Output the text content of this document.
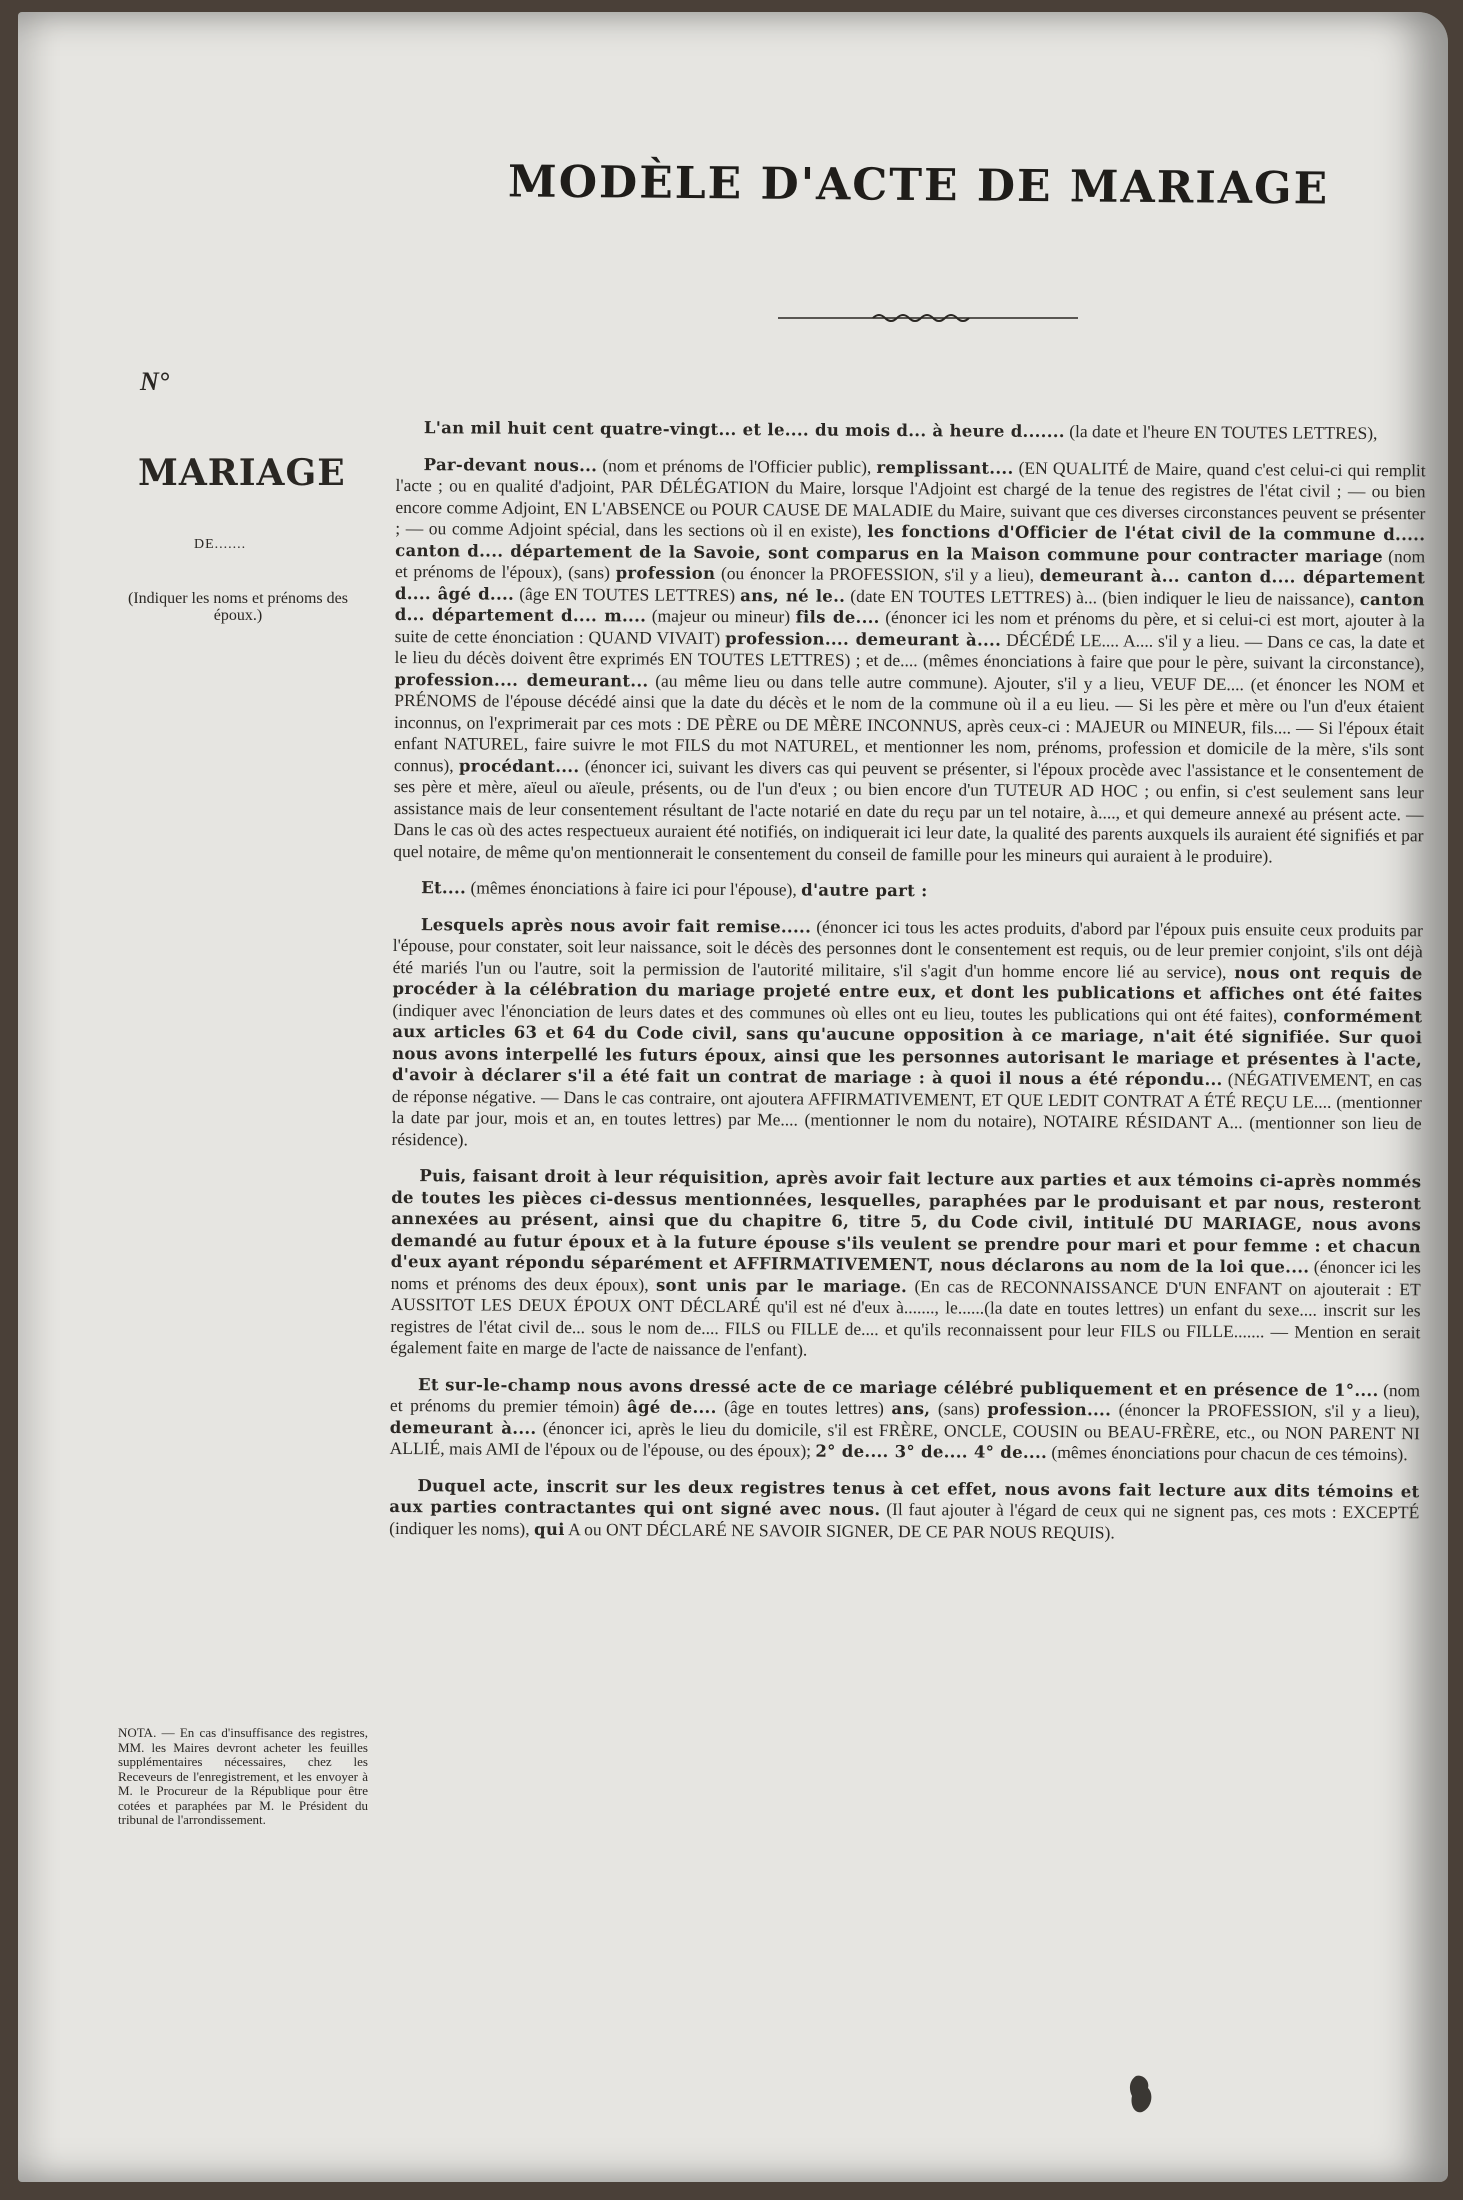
MODÈLE D'ACTE DE MARIAGE
N°
MARIAGE
DE.......
(Indiquer les noms et prénoms des époux.)
NOTA. — En cas d'insuffisance des registres, MM. les Maires devront acheter les feuilles supplémentaires nécessaires, chez les Receveurs de l'enregistrement, et les envoyer à M. le Procureur de la République pour être cotées et paraphées par M. le Président du tribunal de l'arrondissement.

L'an mil huit cent quatre-vingt... et le.... du mois d... à heure d....... (la date et l'heure EN TOUTES LETTRES),

Par-devant nous... (nom et prénoms de l'Officier public), remplissant.... (EN QUALITÉ de Maire, quand c'est celui-ci qui remplit l'acte ; ou en qualité d'adjoint, PAR DÉLÉGATION du Maire, lorsque l'Adjoint est chargé de la tenue des registres de l'état civil ; — ou bien encore comme Adjoint, EN L'ABSENCE ou POUR CAUSE DE MALADIE du Maire, suivant que ces diverses circonstances peuvent se présenter ; — ou comme Adjoint spécial, dans les sections où il en existe), les fonctions d'Officier de l'état civil de la commune d..... canton d.... département de la Savoie, sont comparus en la Maison commune pour contracter mariage (nom et prénoms de l'époux), (sans) profession (ou énoncer la PROFESSION, s'il y a lieu), demeurant à... canton d.... département d.... âgé d.... (âge EN TOUTES LETTRES) ans, né le.. (date EN TOUTES LETTRES) à... (bien indiquer le lieu de naissance), canton d... département d.... m.... (majeur ou mineur) fils de.... (énoncer ici les nom et prénoms du père, et si celui-ci est mort, ajouter à la suite de cette énonciation : QUAND VIVAIT) profession.... demeurant à.... DÉCÉDÉ LE.... A.... s'il y a lieu. — Dans ce cas, la date et le lieu du décès doivent être exprimés EN TOUTES LETTRES) ; et de.... (mêmes énonciations à faire que pour le père, suivant la circonstance), profession.... demeurant... (au même lieu ou dans telle autre commune). Ajouter, s'il y a lieu, VEUF DE.... (et énoncer les NOM et PRÉNOMS de l'épouse décédé ainsi que la date du décès et le nom de la commune où il a eu lieu. — Si les père et mère ou l'un d'eux étaient inconnus, on l'exprimerait par ces mots : DE PÈRE ou DE MÈRE INCONNUS, après ceux-ci : MAJEUR ou MINEUR, fils.... — Si l'époux était enfant NATUREL, faire suivre le mot FILS du mot NATUREL, et mentionner les nom, prénoms, profession et domicile de la mère, s'ils sont connus), procédant.... (énoncer ici, suivant les divers cas qui peuvent se présenter, si l'époux procède avec l'assistance et le consentement de ses père et mère, aïeul ou aïeule, présents, ou de l'un d'eux ; ou bien encore d'un TUTEUR AD HOC ; ou enfin, si c'est seulement sans leur assistance mais de leur consentement résultant de l'acte notarié en date du reçu par un tel notaire, à...., et qui demeure annexé au présent acte. — Dans le cas où des actes respectueux auraient été notifiés, on indiquerait ici leur date, la qualité des parents auxquels ils auraient été signifiés et par quel notaire, de même qu'on mentionnerait le consentement du conseil de famille pour les mineurs qui auraient à le produire).

Et.... (mêmes énonciations à faire ici pour l'épouse), d'autre part :

Lesquels après nous avoir fait remise..... (énoncer ici tous les actes produits, d'abord par l'époux puis ensuite ceux produits par l'épouse, pour constater, soit leur naissance, soit le décès des personnes dont le consentement est requis, ou de leur premier conjoint, s'ils ont déjà été mariés l'un ou l'autre, soit la permission de l'autorité militaire, s'il s'agit d'un homme encore lié au service), nous ont requis de procéder à la célébration du mariage projeté entre eux, et dont les publications et affiches ont été faites (indiquer avec l'énonciation de leurs dates et des communes où elles ont eu lieu, toutes les publications qui ont été faites), conformément aux articles 63 et 64 du Code civil, sans qu'aucune opposition à ce mariage, n'ait été signifiée. Sur quoi nous avons interpellé les futurs époux, ainsi que les personnes autorisant le mariage et présentes à l'acte, d'avoir à déclarer s'il a été fait un contrat de mariage : à quoi il nous a été répondu... (NÉGATIVEMENT, en cas de réponse négative. — Dans le cas contraire, ont ajoutera AFFIRMATIVEMENT, ET QUE LEDIT CONTRAT A ÉTÉ REÇU LE.... (mentionner la date par jour, mois et an, en toutes lettres) par Me.... (mentionner le nom du notaire), NOTAIRE RÉSIDANT A... (mentionner son lieu de résidence).

Puis, faisant droit à leur réquisition, après avoir fait lecture aux parties et aux témoins ci-après nommés de toutes les pièces ci-dessus mentionnées, lesquelles, paraphées par le produisant et par nous, resteront annexées au présent, ainsi que du chapitre 6, titre 5, du Code civil, intitulé DU MARIAGE, nous avons demandé au futur époux et à la future épouse s'ils veulent se prendre pour mari et pour femme : et chacun d'eux ayant répondu séparément et AFFIRMATIVEMENT, nous déclarons au nom de la loi que.... (énoncer ici les noms et prénoms des deux époux), sont unis par le mariage. (En cas de RECONNAISSANCE D'UN ENFANT on ajouterait : ET AUSSITOT LES DEUX ÉPOUX ONT DÉCLARÉ qu'il est né d'eux à......., le......(la date en toutes lettres) un enfant du sexe.... inscrit sur les registres de l'état civil de... sous le nom de.... FILS ou FILLE de.... et qu'ils reconnaissent pour leur FILS ou FILLE....... — Mention en serait également faite en marge de l'acte de naissance de l'enfant).

Et sur-le-champ nous avons dressé acte de ce mariage célébré publiquement et en présence de 1°.... (nom et prénoms du premier témoin) âgé de.... (âge en toutes lettres) ans, (sans) profession.... (énoncer la PROFESSION, s'il y a lieu), demeurant à.... (énoncer ici, après le lieu du domicile, s'il est FRÈRE, ONCLE, COUSIN ou BEAU-FRÈRE, etc., ou NON PARENT NI ALLIÉ, mais AMI de l'époux ou de l'épouse, ou des époux); 2° de.... 3° de.... 4° de.... (mêmes énonciations pour chacun de ces témoins).

Duquel acte, inscrit sur les deux registres tenus à cet effet, nous avons fait lecture aux dits témoins et aux parties contractantes qui ont signé avec nous. (Il faut ajouter à l'égard de ceux qui ne signent pas, ces mots : EXCEPTÉ (indiquer les noms), qui A ou ONT DÉCLARÉ NE SAVOIR SIGNER, DE CE PAR NOUS REQUIS).
